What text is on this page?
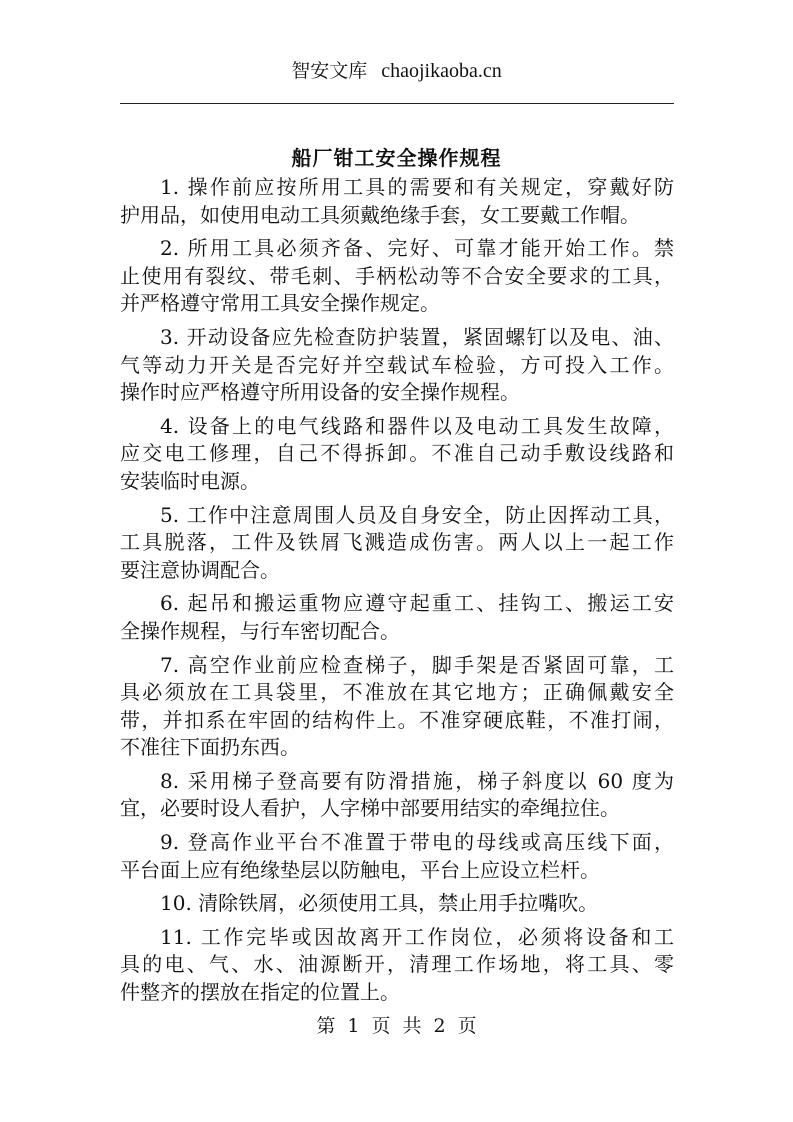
智安文库 chaojikaoba.cn
船厂钳工安全操作规程
1. 操作前应按所用工具的需要和有关规定，穿戴好防
护用品，如使用电动工具须戴绝缘手套，女工要戴工作帽。
2. 所用工具必须齐备、完好、可靠才能开始工作。禁
止使用有裂纹、带毛刺、手柄松动等不合安全要求的工具，
并严格遵守常用工具安全操作规定。
3. 开动设备应先检查防护装置，紧固螺钉以及电、油、
气等动力开关是否完好并空载试车检验，方可投入工作。
操作时应严格遵守所用设备的安全操作规程。
4. 设备上的电气线路和器件以及电动工具发生故障，
应交电工修理，自己不得拆卸。不准自己动手敷设线路和
安装临时电源。
5. 工作中注意周围人员及自身安全，防止因挥动工具，
工具脱落，工件及铁屑飞溅造成伤害。两人以上一起工作
要注意协调配合。
6. 起吊和搬运重物应遵守起重工、挂钩工、搬运工安
全操作规程，与行车密切配合。
7. 高空作业前应检查梯子，脚手架是否紧固可靠，工
具必须放在工具袋里，不准放在其它地方；正确佩戴安全
带，并扣系在牢固的结构件上。不准穿硬底鞋，不准打闹，
不准往下面扔东西。
8. 采用梯子登高要有防滑措施，梯子斜度以 60 度为
宜，必要时设人看护，人字梯中部要用结实的牵绳拉住。
9. 登高作业平台不准置于带电的母线或高压线下面，
平台面上应有绝缘垫层以防触电，平台上应设立栏杆。
10. 清除铁屑，必须使用工具，禁止用手拉嘴吹。
11. 工作完毕或因故离开工作岗位，必须将设备和工
具的电、气、水、油源断开，清理工作场地，将工具、零
件整齐的摆放在指定的位置上。
第 1 页 共 2 页
